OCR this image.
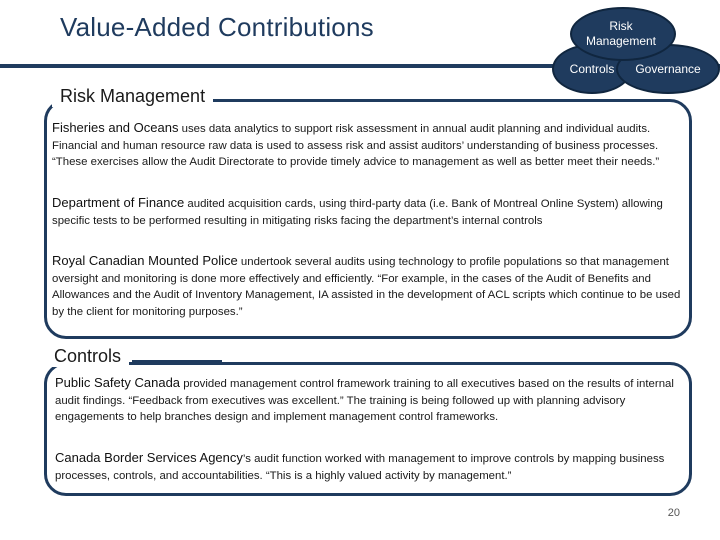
Value-Added Contributions
Controls Governance
Risk Management
Risk Management
Fisheries and Oceans uses data analytics to support risk assessment in annual audit planning and individual audits. Financial and human resource raw data is used to assess risk and assist auditors’ understanding of business processes. “These exercises allow the Audit Directorate to provide timely advice to management as well as better meet their needs.”
Department of Finance audited acquisition cards, using third-party data (i.e. Bank of Montreal Online System) allowing specific tests to be performed resulting in mitigating risks facing the department’s internal controls
Royal Canadian Mounted Police undertook several audits using technology to profile populations so that management oversight and monitoring is done more effectively and efficiently. “For example, in the cases of the Audit of Benefits and Allowances and the Audit of Inventory Management, IA assisted in the development of ACL scripts which continue to be used by the client for monitoring purposes.”
Controls
Public Safety Canada provided management control framework training to all executives based on the results of internal audit findings. “Feedback from executives was excellent.” The training is being followed up with planning advisory engagements to help branches design and implement management control frameworks.
Canada Border Services Agency’s audit function worked with management to improve controls by mapping business processes, controls, and accountabilities. “This is a highly valued activity by management.”
20
